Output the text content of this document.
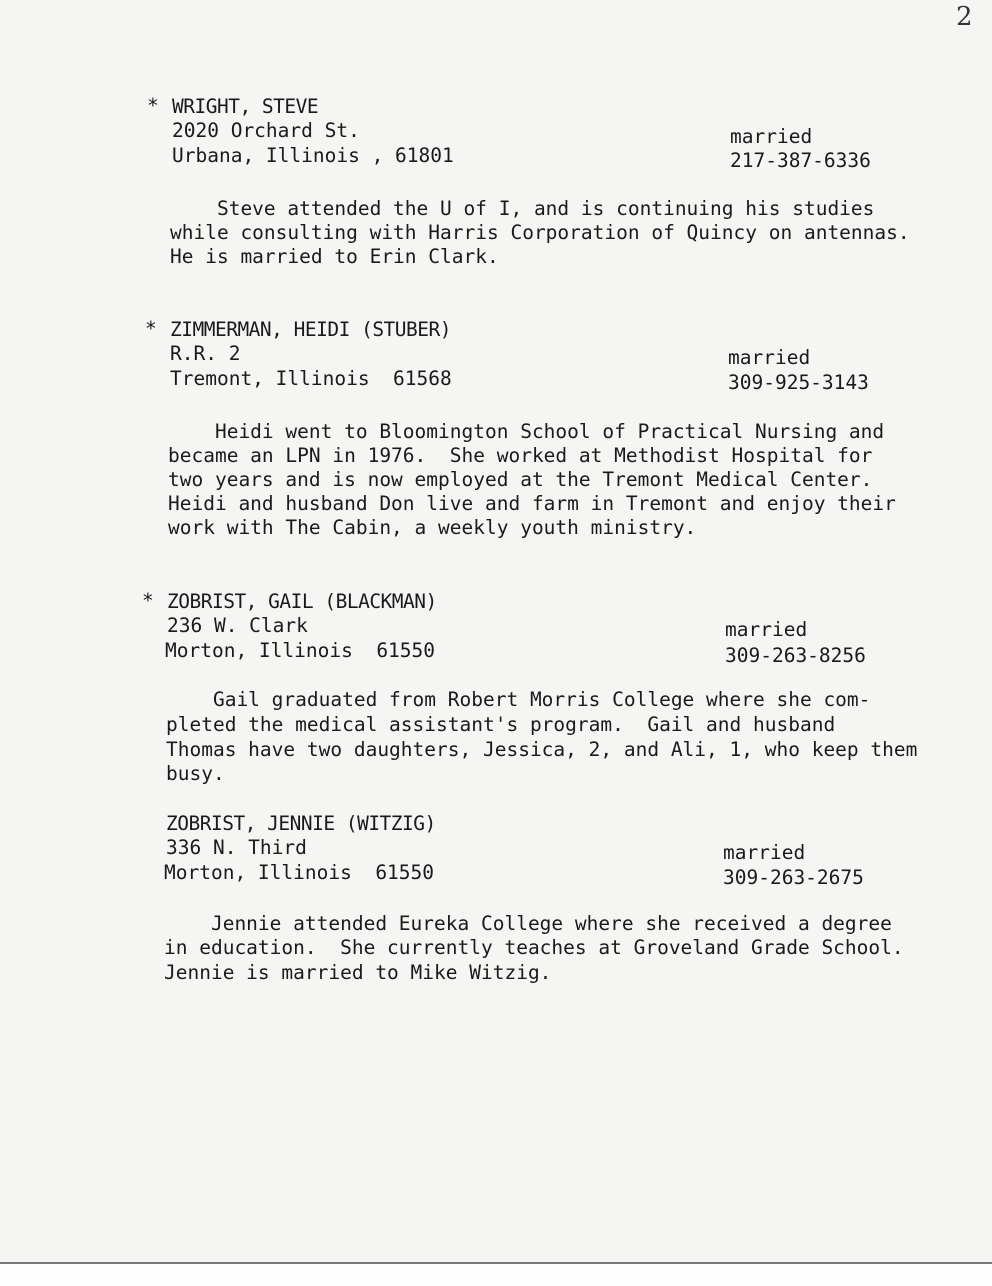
2
* WRIGHT, STEVE
2020 Orchard St.
Urbana, Illinois , 61801
married
217-387-6336

Steve attended the U of I, and is continuing his studies

while consulting with Harris Corporation of Quincy on antennas.

He is married to Erin Clark.

* ZIMMERMAN, HEIDI (STUBER)
R.R. 2
Tremont, Illinois  61568
married
309-925-3143

Heidi went to Bloomington School of Practical Nursing and

became an LPN in 1976.  She worked at Methodist Hospital for

two years and is now employed at the Tremont Medical Center.

Heidi and husband Don live and farm in Tremont and enjoy their

work with The Cabin, a weekly youth ministry.

* ZOBRIST, GAIL (BLACKMAN)
236 W. Clark
Morton, Illinois  61550
married
309-263-8256

Gail graduated from Robert Morris College where she com-

pleted the medical assistant's program.  Gail and husband

Thomas have two daughters, Jessica, 2, and Ali, 1, who keep them

busy.

ZOBRIST, JENNIE (WITZIG)
336 N. Third
Morton, Illinois  61550
married
309-263-2675

Jennie attended Eureka College where she received a degree

in education.  She currently teaches at Groveland Grade School.

Jennie is married to Mike Witzig.
